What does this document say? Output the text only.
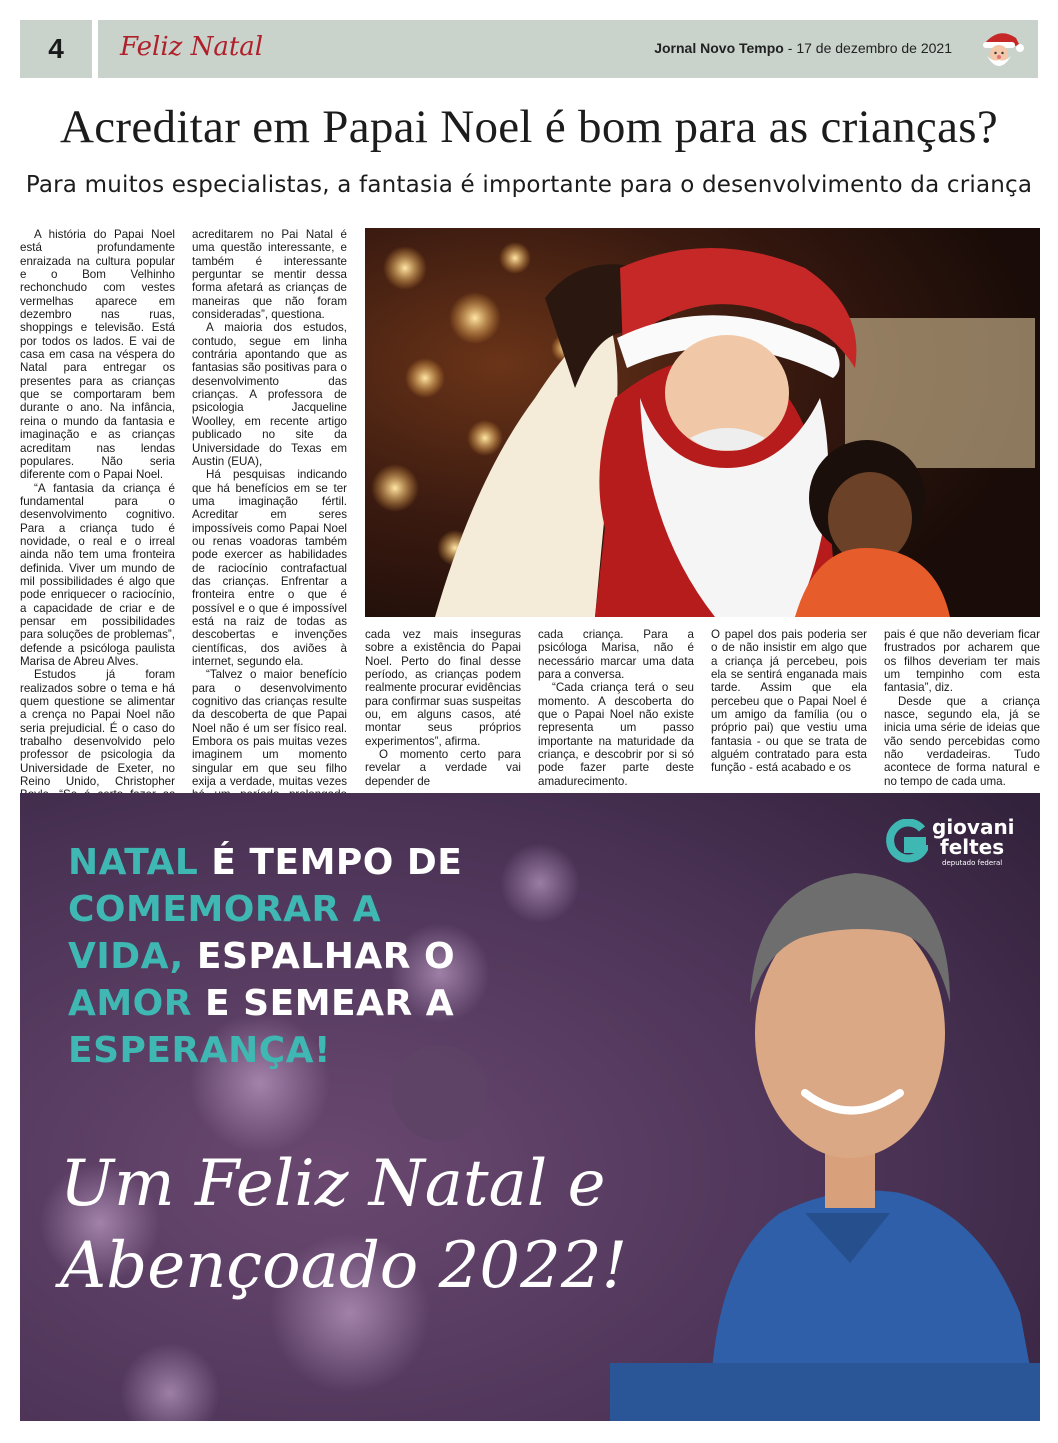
4	Feliz Natal	Jornal Novo Tempo - 17 de dezembro de 2021
Acreditar em Papai Noel é bom para as crianças?
Para muitos especialistas, a fantasia é importante para o desenvolvimento da criança

A história do Papai Noel está profundamente enraizada na cultura popular e o Bom Velhinho rechonchudo com vestes vermelhas aparece em dezembro nas ruas, shoppings e televisão. Está por todos os lados. E vai de casa em casa na véspera do Natal para entregar os presentes para as crianças que se comportaram bem durante o ano. Na infância, reina o mundo da fantasia e imaginação e as crianças acreditam nas lendas populares. Não seria diferente com o Papai Noel.

“A fantasia da criança é fundamental para o desenvolvimento cognitivo. Para a criança tudo é novidade, o real e o irreal ainda não tem uma fronteira definida. Viver um mundo de mil possibilidades é algo que pode enriquecer o raciocínio, a capacidade de criar e de pensar em possibilidades para soluções de problemas”, defende a psicóloga paulista Marisa de Abreu Alves.

Estudos já foram realizados sobre o tema e há quem questione se alimentar a crença no Papai Noel não seria prejudicial. É o caso do trabalho desenvolvido pelo professor de psicologia da Universidade de Exeter, no Reino Unido, Christopher

acreditarem no Pai Natal é uma questão interessante, e também é interessante perguntar se mentir dessa forma afetará as crianças de maneiras que não foram consideradas”, questiona.

A maioria dos estudos, contudo, segue em linha contrária apontando que as fantasias são positivas para o desenvolvimento das crianças. A professora de psicologia Jacqueline Woolley, em recente artigo publicado no site da Universidade do Texas em Austin (EUA),

Há pesquisas indicando que há benefícios em se ter uma imaginação fértil. Acreditar em seres impossíveis como Papai Noel ou renas voadoras também pode exercer as habilidades de raciocínio contrafactual das crianças. Enfrentar a fronteira entre o que é possível e o que é impossível está na raiz de todas as descobertas e invenções científicas, dos aviões à internet, segundo ela.

“Talvez o maior benefício para o desenvolvimento cognitivo das crianças resulte da descoberta de que Papai Noel não é um ser físico real. Embora os pais muitas vezes imaginem um momento singular em que seu filho exija a verdade, muitas vezes

cada vez mais inseguras sobre a existência do Papai Noel. Perto do final desse período, as crianças podem realmente procurar evidências para confirmar suas suspeitas ou, em alguns casos, até montar seus próprios experimentos”, afirma.

O momento certo para revelar a verdade vai depender de

cada criança. Para a psicóloga Marisa, não é necessário marcar uma data para a conversa.

“Cada criança terá o seu momento. A descoberta do que o Papai Noel não existe representa um passo importante na maturidade da criança, e descobrir por si só pode fazer parte deste amadurecimento.

O papel dos pais poderia ser o de não insistir em algo que a criança já percebeu, pois ela se sentirá enganada mais tarde. Assim que ela percebeu que o Papai Noel é um amigo da família (ou o próprio pai) que vestiu uma fantasia - ou que se trata de alguém contratado para esta função - está acabado e os

pais é que não deveriam ficar frustrados por acharem que os filhos deveriam ter mais um tempinho com esta fantasia”, diz.

Desde que a criança nasce, segundo ela, já se inicia uma série de ideias que vão sendo percebidas como não verdadeiras. Tudo acontece de forma natural e no tempo de cada uma.

NATAL É TEMPO DE
COMEMORAR A
VIDA, ESPALHAR O
AMOR E SEMEAR A
ESPERANÇA!
Um Feliz Natal e
Abençoado 2022!
giovani
feltes
deputado federal
